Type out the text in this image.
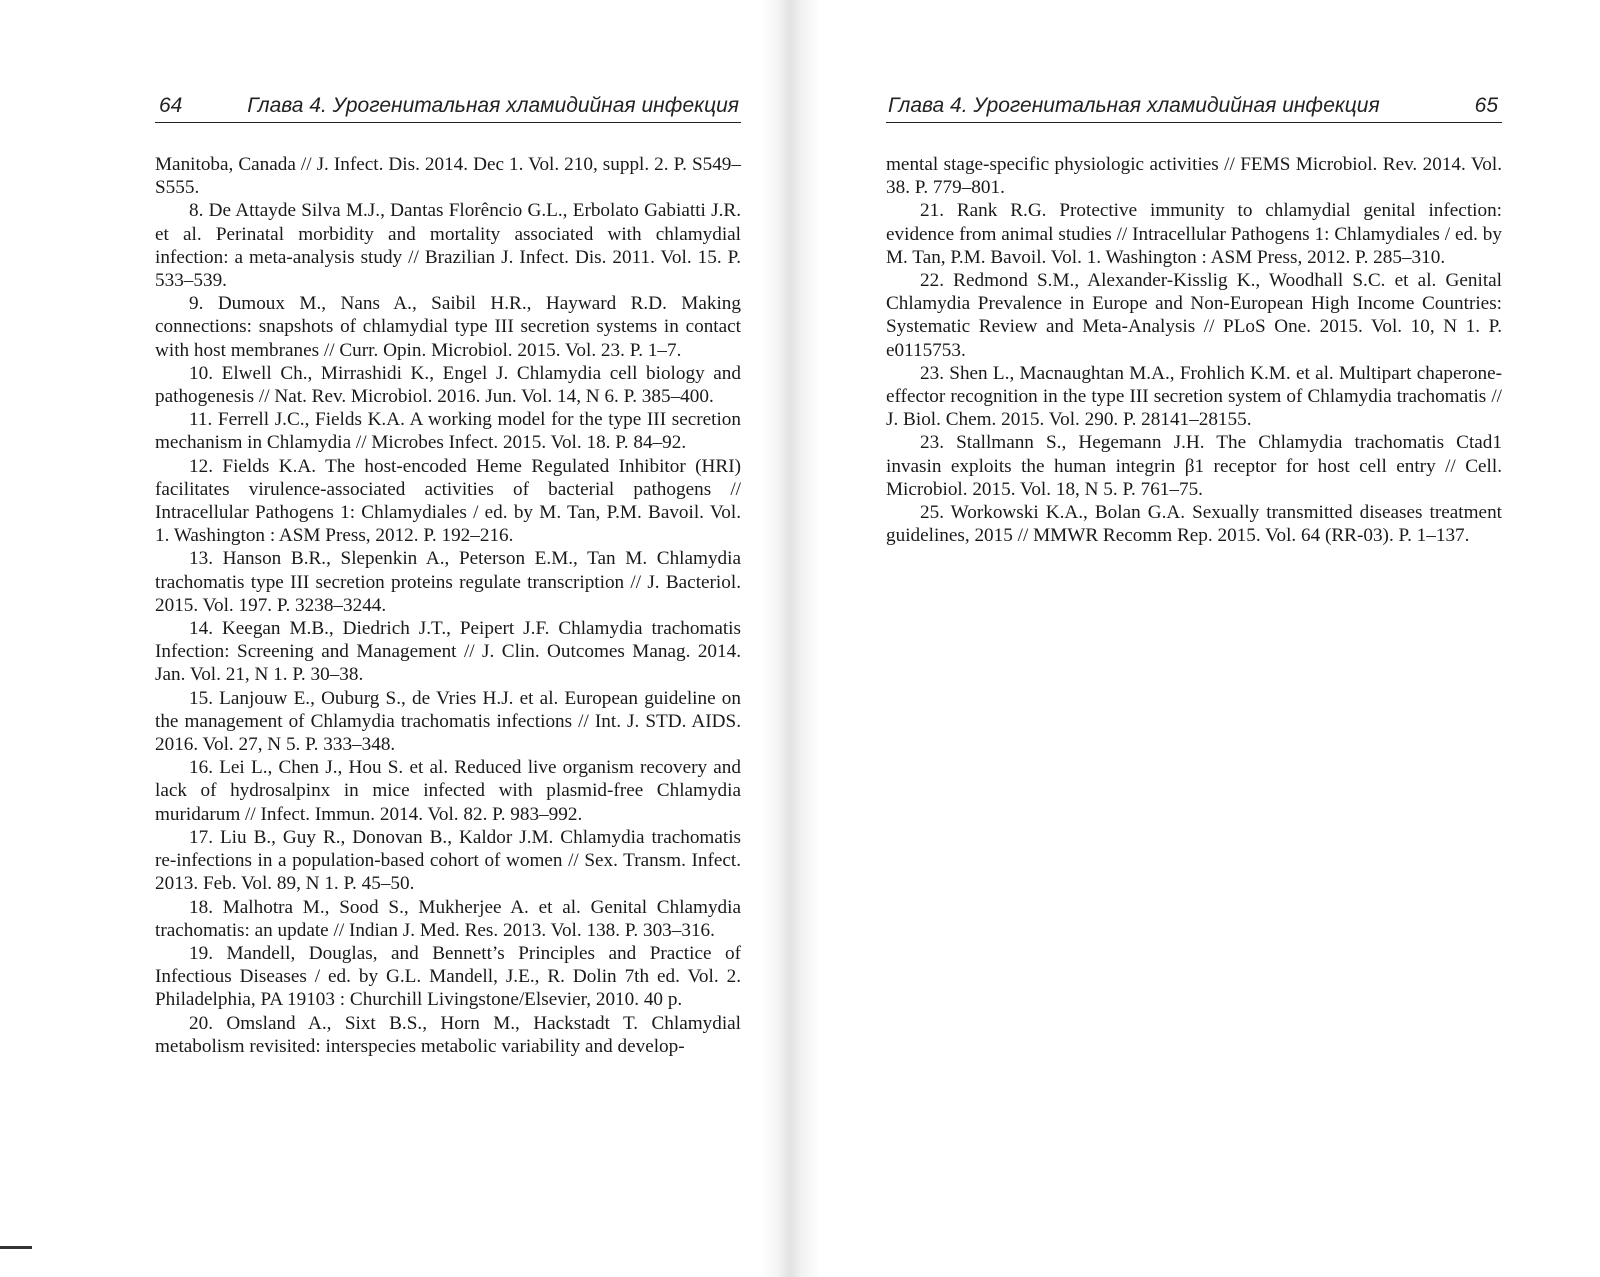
64	Глава 4. Урогенитальная хламидийная инфекция

Manitoba, Canada // J. Infect. Dis. 2014. Dec 1. Vol. 210, suppl. 2. P. S549–S555.

8. De Attayde Silva M.J., Dantas Florêncio G.L., Erbolato Gabiatti J.R. et al. Perinatal morbidity and mortality associated with chlamydial infection: a meta-analysis study // Brazilian J. Infect. Dis. 2011. Vol. 15. P. 533–539.

9. Dumoux M., Nans A., Saibil H.R., Hayward R.D. Making connections: snapshots of chlamydial type III secretion systems in contact with host membranes // Curr. Opin. Microbiol. 2015. Vol. 23. P. 1–7.

10. Elwell Ch., Mirrashidi K., Engel J. Chlamydia cell biology and pathogenesis // Nat. Rev. Microbiol. 2016. Jun. Vol. 14, N 6. P. 385–400.

11. Ferrell J.C., Fields K.A. A working model for the type III secretion mechanism in Chlamydia // Microbes Infect. 2015. Vol. 18. P. 84–92.

12. Fields K.A. The host-encoded Heme Regulated Inhibitor (HRI) facilitates virulence-associated activities of bacterial pathogens // Intracellular Pathogens 1: Chlamydiales / ed. by M. Tan, P.M. Bavoil. Vol. 1. Washington : ASM Press, 2012. P. 192–216.

13. Hanson B.R., Slepenkin A., Peterson E.M., Tan M. Chlamydia trachomatis type III secretion proteins regulate transcription // J. Bacteriol. 2015. Vol. 197. P. 3238–3244.

14. Keegan M.B., Diedrich J.T., Peipert J.F. Chlamydia trachomatis Infection: Screening and Management // J. Clin. Outcomes Manag. 2014. Jan. Vol. 21, N 1. P. 30–38.

15. Lanjouw E., Ouburg S., de Vries H.J. et al. European guideline on the management of Chlamydia trachomatis infections // Int. J. STD. AIDS. 2016. Vol. 27, N 5. P. 333–348.

16. Lei L., Chen J., Hou S. et al. Reduced live organism recovery and lack of hydrosalpinx in mice infected with plasmid-free Chlamydia muridarum // Infect. Immun. 2014. Vol. 82. P. 983–992.

17. Liu B., Guy R., Donovan B., Kaldor J.M. Chlamydia trachomatis re-infections in a population-based cohort of women // Sex. Transm. Infect. 2013. Feb. Vol. 89, N 1. P. 45–50.

18. Malhotra M., Sood S., Mukherjee A. et al. Genital Chlamydia trachomatis: an update // Indian J. Med. Res. 2013. Vol. 138. P. 303–316.

19. Mandell, Douglas, and Bennett’s Principles and Practice of Infectious Diseases / ed. by G.L. Mandell, J.E., R. Dolin 7th ed. Vol. 2. Philadelphia, PA 19103 : Churchill Livingstone/Elsevier, 2010. 40 p.

20. Omsland A., Sixt B.S., Horn M., Hackstadt T. Chlamydial metabolism revisited: interspecies metabolic variability and develop-

Глава 4. Урогенитальная хламидийная инфекция	65

mental stage-specific physiologic activities // FEMS Microbiol. Rev. 2014. Vol. 38. P. 779–801.

21. Rank R.G. Protective immunity to chlamydial genital infection: evidence from animal studies // Intracellular Pathogens 1: Chlamydiales / ed. by M. Tan, P.M. Bavoil. Vol. 1. Washington : ASM Press, 2012. P. 285–310.

22. Redmond S.M., Alexander-Kisslig K., Woodhall S.C. et al. Genital Chlamydia Prevalence in Europe and Non-European High Income Countries: Systematic Review and Meta-Analysis // PLoS One. 2015. Vol. 10, N 1. P. e0115753.

23. Shen L., Macnaughtan M.A., Frohlich K.M. et al. Multipart chaperone-effector recognition in the type III secretion system of Chlamydia trachomatis // J. Biol. Chem. 2015. Vol. 290. P. 28141–28155.

23. Stallmann S., Hegemann J.H. The Chlamydia trachomatis Ctad1 invasin exploits the human integrin β1 receptor for host cell entry // Cell. Microbiol. 2015. Vol. 18, N 5. P. 761–75.

25. Workowski K.A., Bolan G.A. Sexually transmitted diseases treatment guidelines, 2015 // MMWR Recomm Rep. 2015. Vol. 64 (RR-03). P. 1–137.
